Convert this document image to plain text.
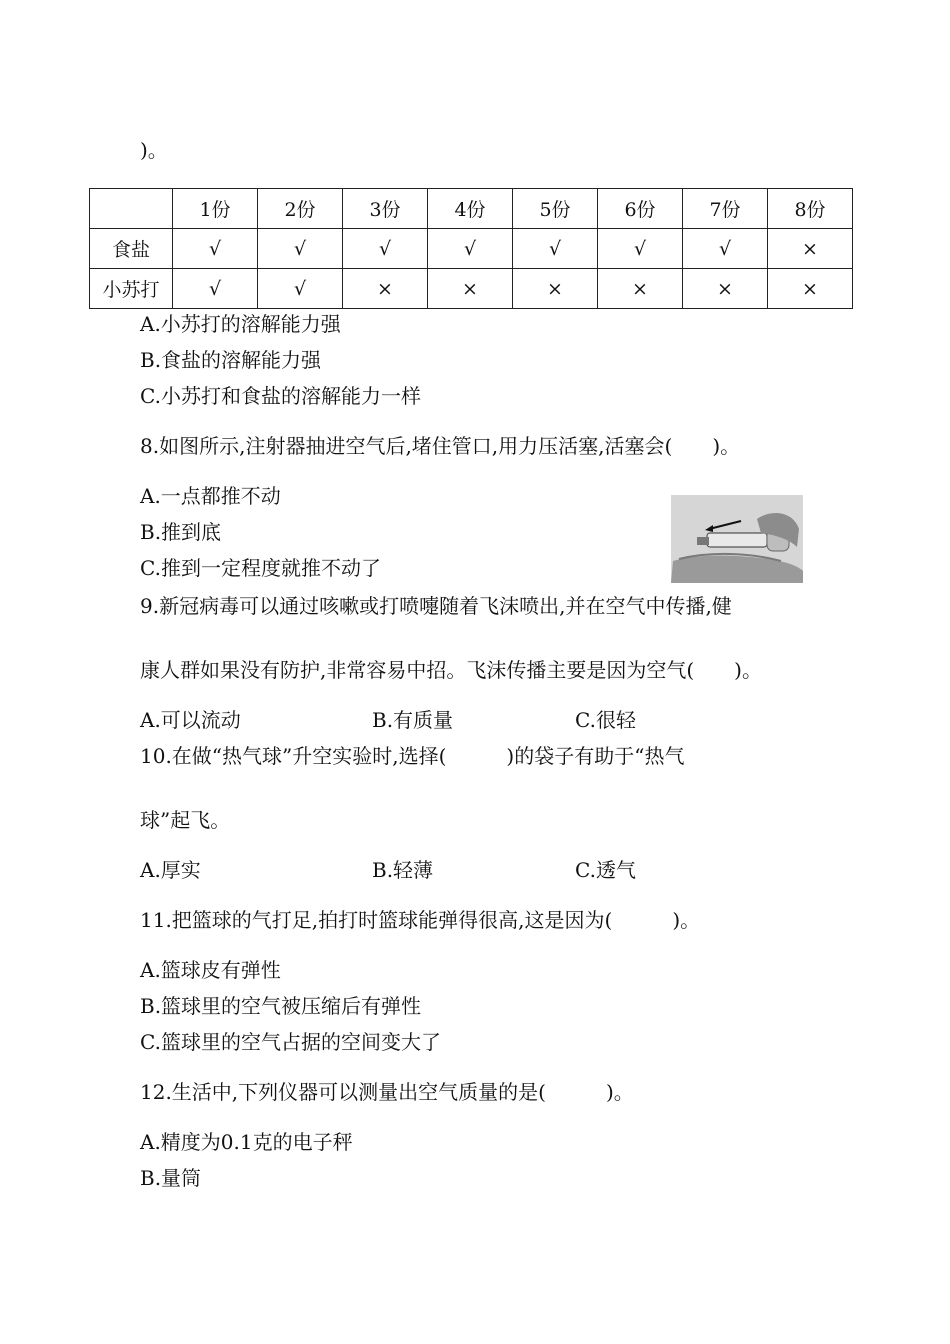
)。
	1份	2份	3份	4份	5份	6份	7份	8份
食盐	√	√	√	√	√	√	√	×
小苏打	√	√	×	×	×	×	×	×
A.小苏打的溶解能力强
B.食盐的溶解能力强
C.小苏打和食盐的溶解能力一样
8.如图所示,注射器抽进空气后,堵住管口,用力压活塞,活塞会(　　)。
A.一点都推不动
B.推到底
C.推到一定程度就推不动了
9.新冠病毒可以通过咳嗽或打喷嚏随着飞沫喷出,并在空气中传播,健
康人群如果没有防护,非常容易中招。飞沫传播主要是因为空气(　　)。
A.可以流动	B.有质量	C.很轻
10.在做“热气球”升空实验时,选择(　　　)的袋子有助于“热气
球”起飞。
A.厚实	B.轻薄	C.透气
11.把篮球的气打足,拍打时篮球能弹得很高,这是因为(　　　)。
A.篮球皮有弹性
B.篮球里的空气被压缩后有弹性
C.篮球里的空气占据的空间变大了
12.生活中,下列仪器可以测量出空气质量的是(　　　)。
A.精度为0.1克的电子秤
B.量筒
